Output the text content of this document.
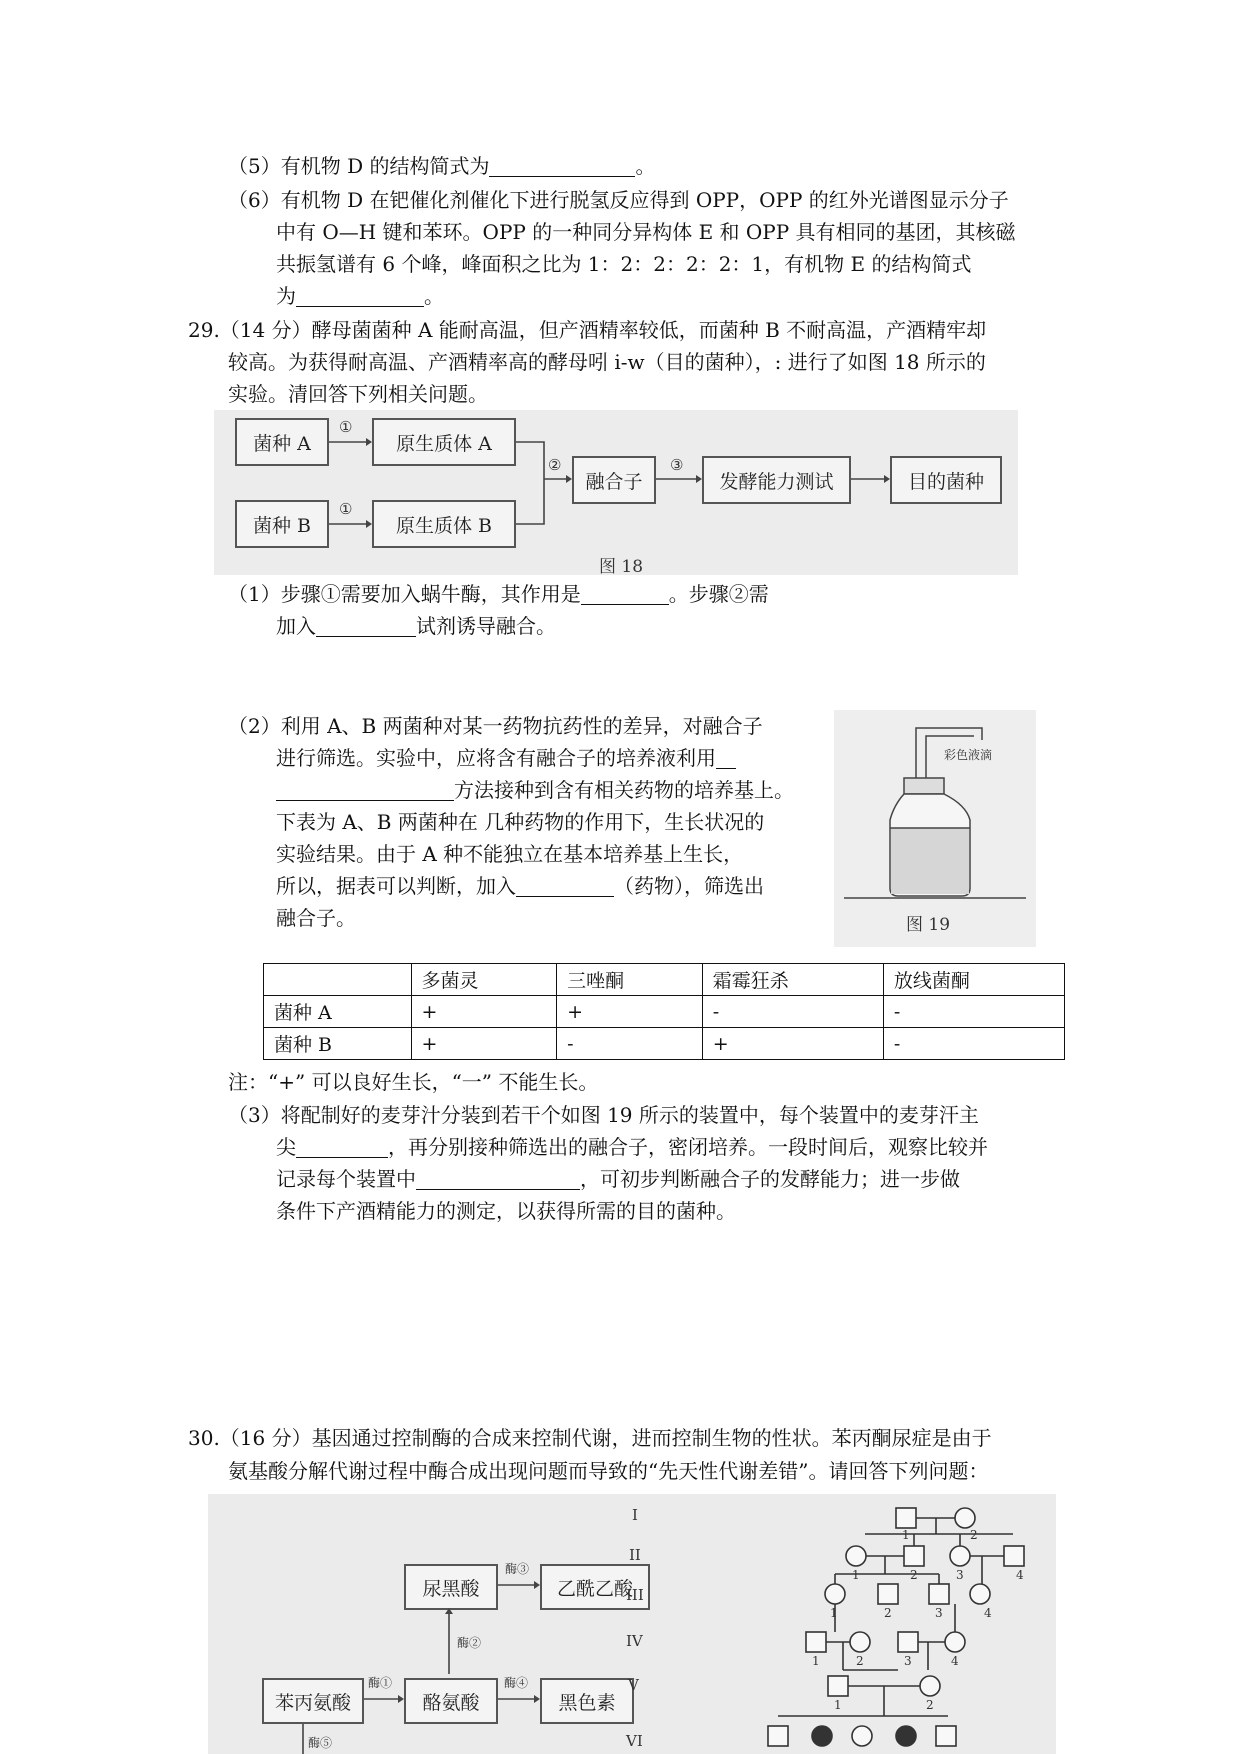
（5）有机物 D 的结构简式为	。
（6）有机物 D 在钯催化剂催化下进行脱氢反应得到 OPP，OPP 的红外光谱图显示分子
中有 O—H 键和苯环。OPP 的一种同分异构体 E 和 OPP 具有相同的基团，其核磁
共振氢谱有 6 个峰，峰面积之比为 1：2：2：2：2：1，有机物 E 的结构简式
为	。
29.（14 分）酵母菌菌种 A 能耐高温，但产酒精率较低，而菌种 B 不耐高温，产酒精牢却
较高。为获得耐高温、产酒精率高的酵母吲 i-w（目的菌种），: 进行了如图 18 所示的
实验。清回答下列相关问题。
菌种 A
菌种 B
原生质体 A
原生质体 B
融合子	发酵能力测试	目的菌种
①
①
②	③
图 18
（1）步骤①需要加入蜗牛酶，其作用是	。步骤②需
加入	试剂诱导融合。
（2）利用 A、B 两菌种对某一药物抗药性的差异，对融合子
进行筛选。实验中，应将含有融合子的培养液利用
方法接种到含有相关药物的培养基上。
下表为 A、B 两菌种在 几种药物的作用下，生长状况的
实验结果。由于 A 种不能独立在基本培养基上生长，
所以，据表可以判断，加入	（药物），筛选出
融合子。
彩色液滴
图 19
	多菌灵	三唑酮	霜霉狂杀	放线菌酮
菌种 A	+	+	-	-
菌种 B	+	-	+	-
注：“+” 可以良好生长，“一” 不能生长。
（3）将配制好的麦芽汁分装到若干个如图 19 所示的装置中，每个装置中的麦芽汗主
尖	，再分别接种筛选出的融合子，密闭培养。一段时间后，观察比较并
记录每个装置中	，可初步判断融合子的发酵能力；进一步做
条件下产酒精能力的测定，以获得所需的目的菌种。
30.（16 分）基因通过控制酶的合成来控制代谢，进而控制生物的性状。苯丙酮尿症是由于
氨基酸分解代谢过程中酶合成出现问题而导致的“先天性代谢差错”。请回答下列问题：
尿黑酸	乙酰乙酸
苯丙氨酸	酪氨酸	黑色素
酶③
酶②
酶①	酶④
酶⑤
I
II
III
IV
V
VI
1	2
1	2	3	4
1	2	3	4
1	2	3	4
1	2
